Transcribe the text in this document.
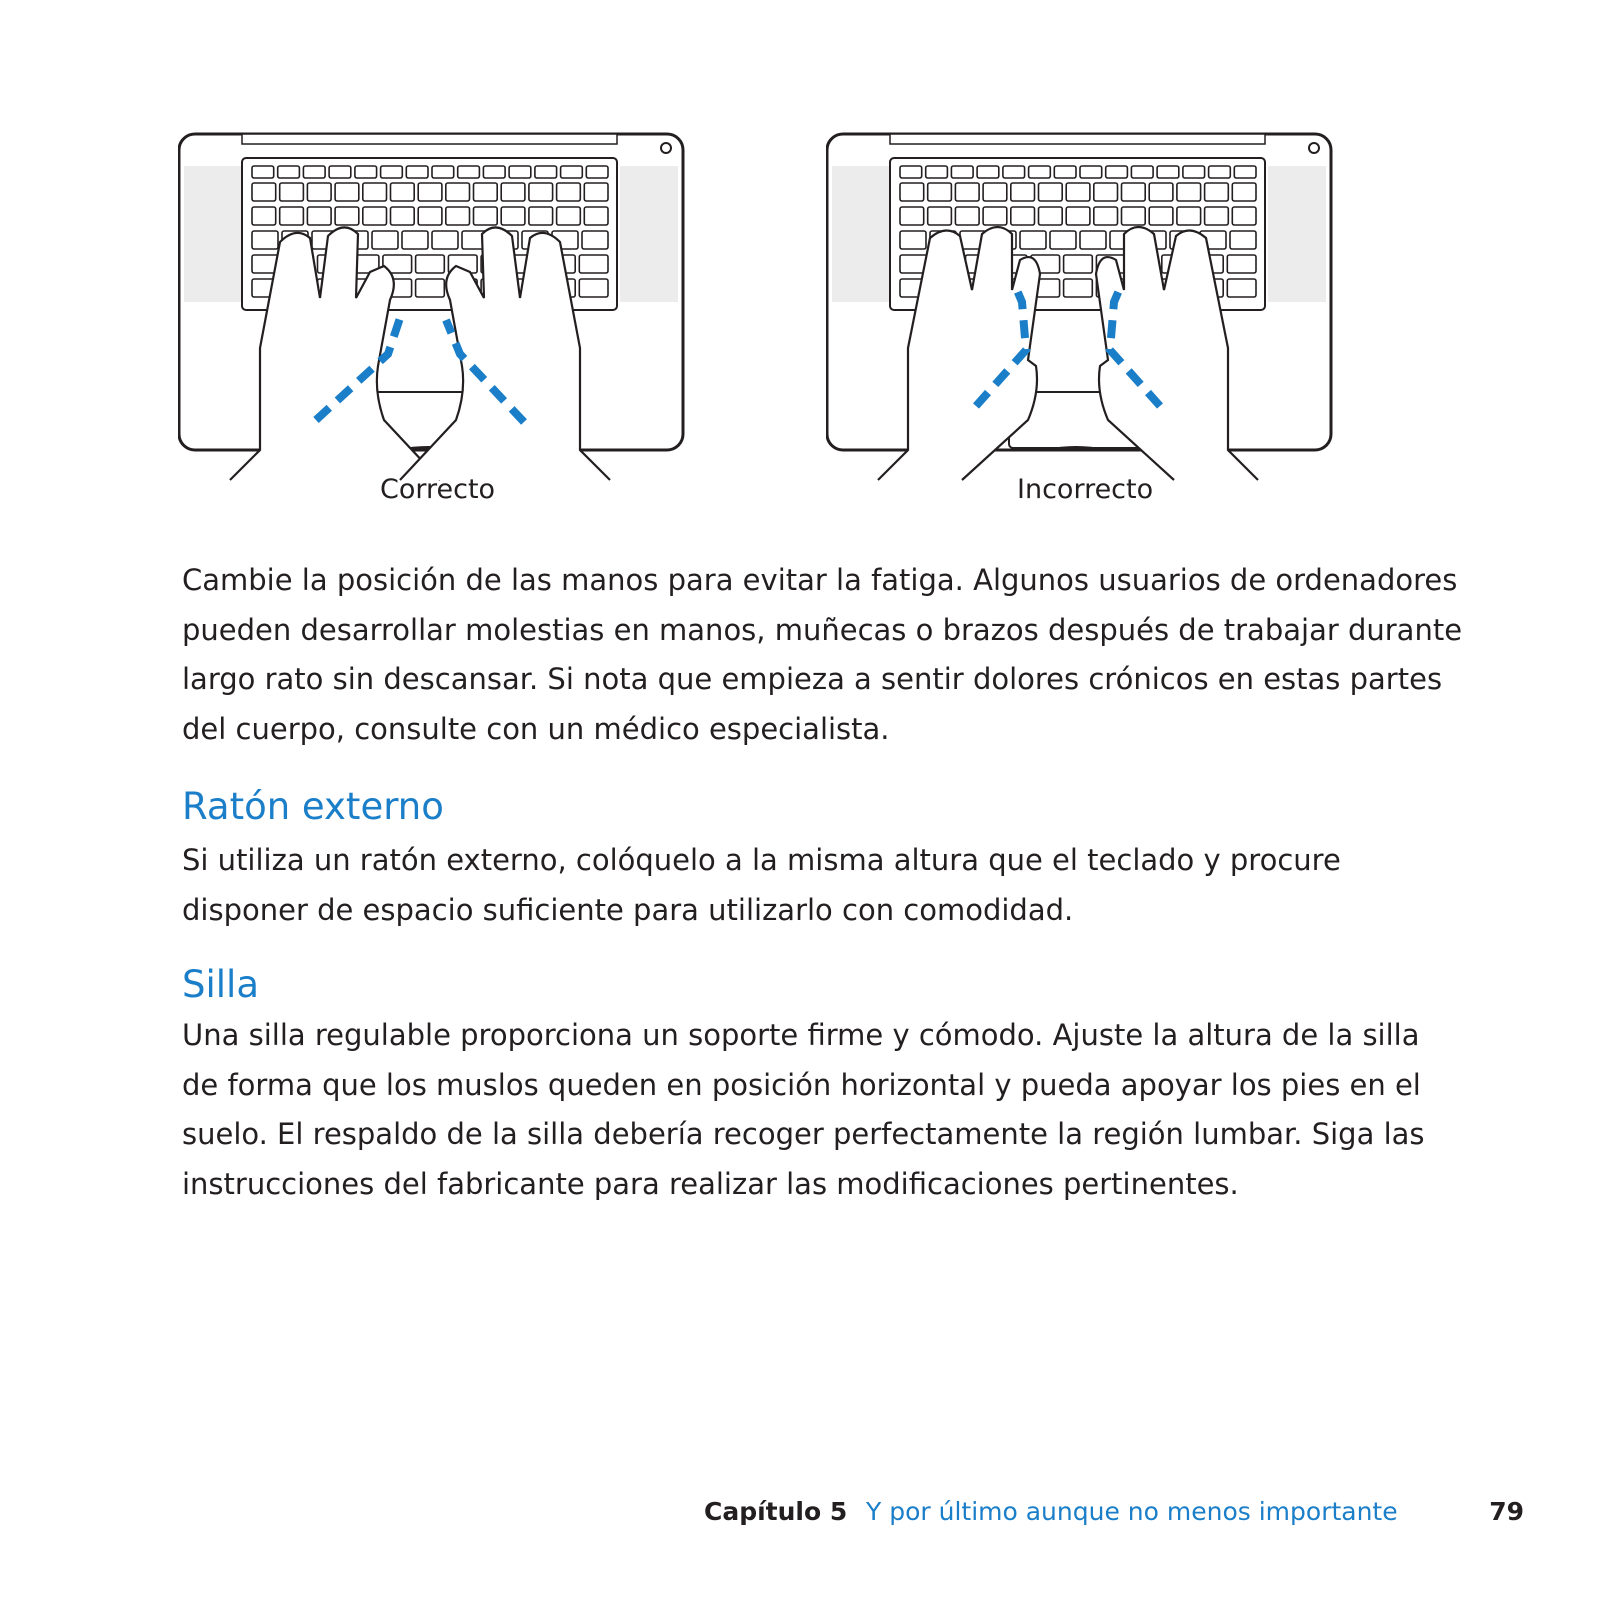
Correcto	Incorrecto

Cambie la posición de las manos para evitar la fatiga. Algunos usuarios de ordenadores
pueden desarrollar molestias en manos, muñecas o brazos después de trabajar durante
largo rato sin descansar. Si nota que empieza a sentir dolores crónicos en estas partes
del cuerpo, consulte con un médico especialista.

Ratón externo

Si utiliza un ratón externo, colóquelo a la misma altura que el teclado y procure
disponer de espacio suficiente para utilizarlo con comodidad.

Silla

Una silla regulable proporciona un soporte firme y cómodo. Ajuste la altura de la silla
de forma que los muslos queden en posición horizontal y pueda apoyar los pies en el
suelo. El respaldo de la silla debería recoger perfectamente la región lumbar. Siga las
instrucciones del fabricante para realizar las modificaciones pertinentes.

Capítulo 5 Y por último aunque no menos importante	79
